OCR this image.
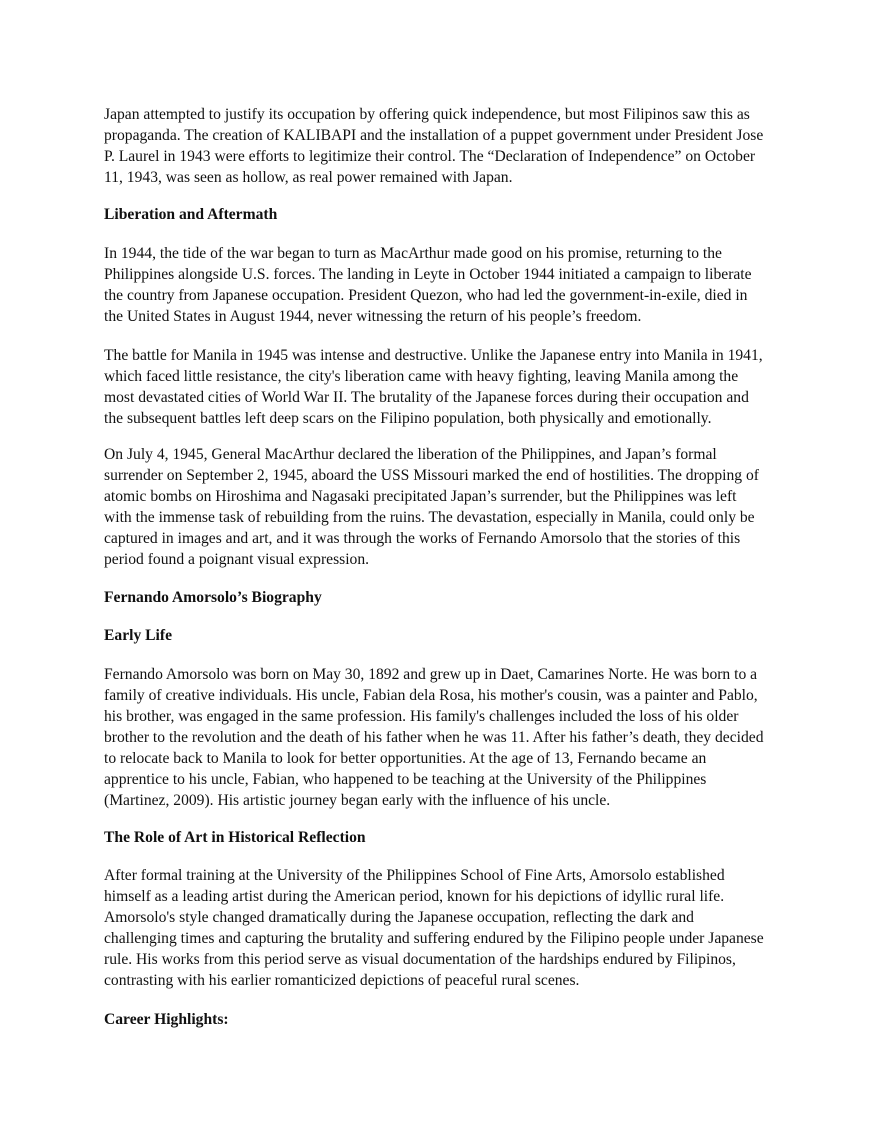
Japan attempted to justify its occupation by offering quick independence, but most Filipinos saw this as
propaganda. The creation of KALIBAPI and the installation of a puppet government under President Jose
P. Laurel in 1943 were efforts to legitimize their control. The “Declaration of Independence” on October
11, 1943, was seen as hollow, as real power remained with Japan.
Liberation and Aftermath
In 1944, the tide of the war began to turn as MacArthur made good on his promise, returning to the
Philippines alongside U.S. forces. The landing in Leyte in October 1944 initiated a campaign to liberate
the country from Japanese occupation. President Quezon, who had led the government-in-exile, died in
the United States in August 1944, never witnessing the return of his people’s freedom.
The battle for Manila in 1945 was intense and destructive. Unlike the Japanese entry into Manila in 1941,
which faced little resistance, the city's liberation came with heavy fighting, leaving Manila among the
most devastated cities of World War II. The brutality of the Japanese forces during their occupation and
the subsequent battles left deep scars on the Filipino population, both physically and emotionally.
On July 4, 1945, General MacArthur declared the liberation of the Philippines, and Japan’s formal
surrender on September 2, 1945, aboard the USS Missouri marked the end of hostilities. The dropping of
atomic bombs on Hiroshima and Nagasaki precipitated Japan’s surrender, but the Philippines was left
with the immense task of rebuilding from the ruins. The devastation, especially in Manila, could only be
captured in images and art, and it was through the works of Fernando Amorsolo that the stories of this
period found a poignant visual expression.
Fernando Amorsolo’s Biography
Early Life
Fernando Amorsolo was born on May 30, 1892 and grew up in Daet, Camarines Norte. He was born to a
family of creative individuals. His uncle, Fabian dela Rosa, his mother's cousin, was a painter and Pablo,
his brother, was engaged in the same profession. His family's challenges included the loss of his older
brother to the revolution and the death of his father when he was 11. After his father’s death, they decided
to relocate back to Manila to look for better opportunities. At the age of 13, Fernando became an
apprentice to his uncle, Fabian, who happened to be teaching at the University of the Philippines
(Martinez, 2009). His artistic journey began early with the influence of his uncle.
The Role of Art in Historical Reflection
After formal training at the University of the Philippines School of Fine Arts, Amorsolo established
himself as a leading artist during the American period, known for his depictions of idyllic rural life.
Amorsolo's style changed dramatically during the Japanese occupation, reflecting the dark and
challenging times and capturing the brutality and suffering endured by the Filipino people under Japanese
rule. His works from this period serve as visual documentation of the hardships endured by Filipinos,
contrasting with his earlier romanticized depictions of peaceful rural scenes.
Career Highlights:
